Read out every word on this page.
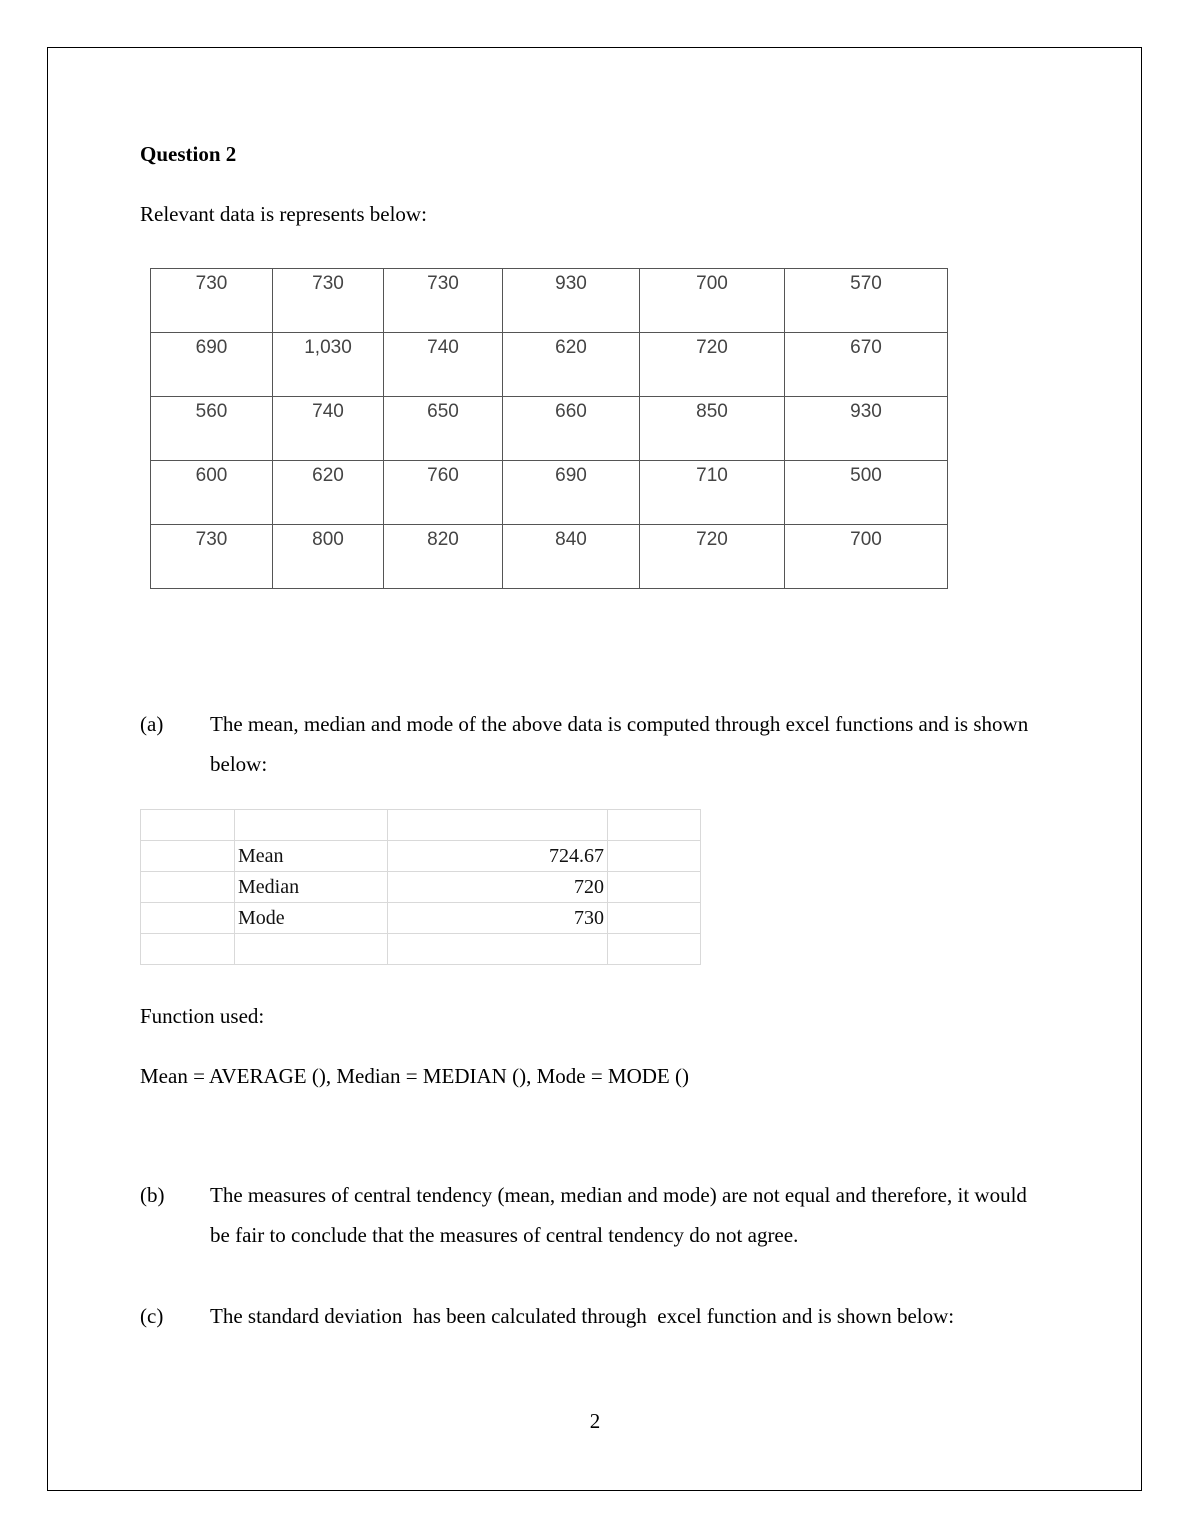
Question 2
Relevant data is represents below:
730	730	730	930	700	570
690	1,030	740	620	720	670
560	740	650	660	850	930
600	620	760	690	710	500
730	800	820	840	720	700
(a) The mean, median and mode of the above data is computed through excel functions and is shown below:

	Mean	724.67	
	Median	720	
	Mode	730	

Function used:
Mean = AVERAGE (), Median = MEDIAN (), Mode = MODE ()
(b) The measures of central tendency (mean, median and mode) are not equal and therefore, it would be fair to conclude that the measures of central tendency do not agree.
(c) The standard deviation  has been calculated through  excel function and is shown below:
2
